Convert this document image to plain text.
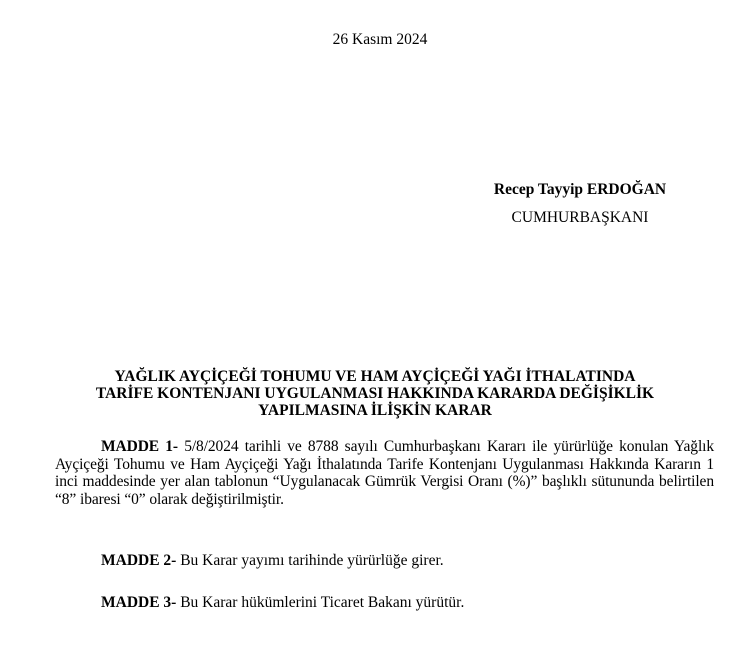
26 Kasım 2024
Recep Tayyip ERDOĞAN
CUMHURBAŞKANI
YAĞLIK AYÇİÇEĞİ TOHUMU VE HAM AYÇİÇEĞİ YAĞI İTHALATINDA
TARİFE KONTENJANI UYGULANMASI HAKKINDA KARARDA DEĞİŞİKLİK
YAPILMASINA İLİŞKİN KARAR

MADDE 1- 5/8/2024 tarihli ve 8788 sayılı Cumhurbaşkanı Kararı ile yürürlüğe konulan Yağlık Ayçiçeği Tohumu ve Ham Ayçiçeği Yağı İthalatında Tarife Kontenjanı Uygulanması Hakkında Kararın 1 inci maddesinde yer alan tablonun “Uygulanacak Gümrük Vergisi Oranı (%)” başlıklı sütununda belirtilen “8” ibaresi “0” olarak değiştirilmiştir.

MADDE 2- Bu Karar yayımı tarihinde yürürlüğe girer.

MADDE 3- Bu Karar hükümlerini Ticaret Bakanı yürütür.
